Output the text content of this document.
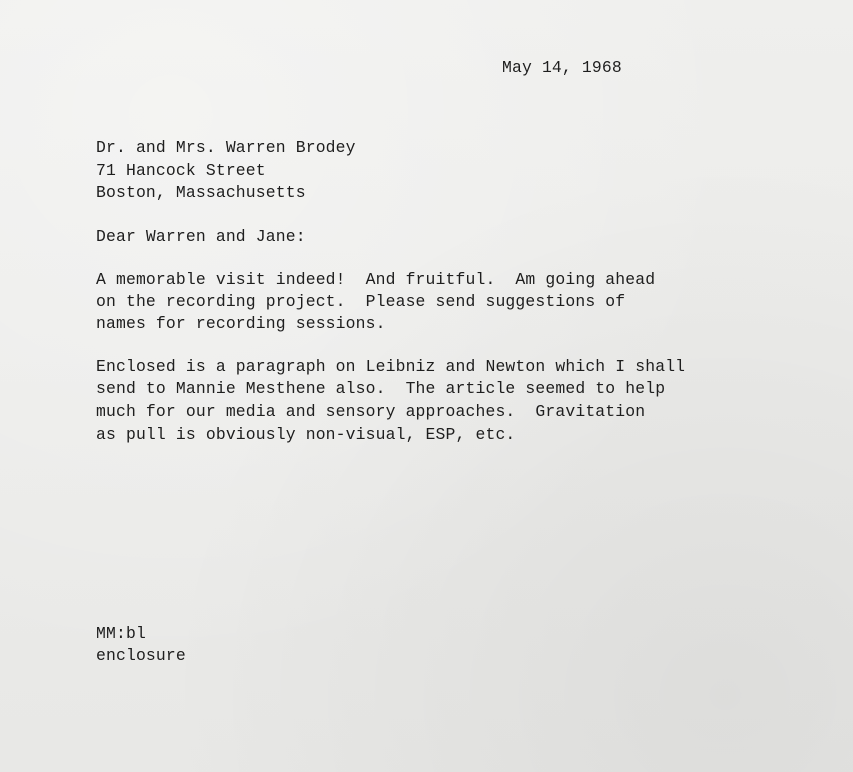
May 14, 1968
Dr. and Mrs. Warren Brodey
71 Hancock Street
Boston, Massachusetts
Dear Warren and Jane:
A memorable visit indeed!  And fruitful.  Am going ahead
on the recording project.  Please send suggestions of
names for recording sessions.
Enclosed is a paragraph on Leibniz and Newton which I shall
send to Mannie Mesthene also.  The article seemed to help
much for our media and sensory approaches.  Gravitation
as pull is obviously non-visual, ESP, etc.
MM:bl
enclosure
